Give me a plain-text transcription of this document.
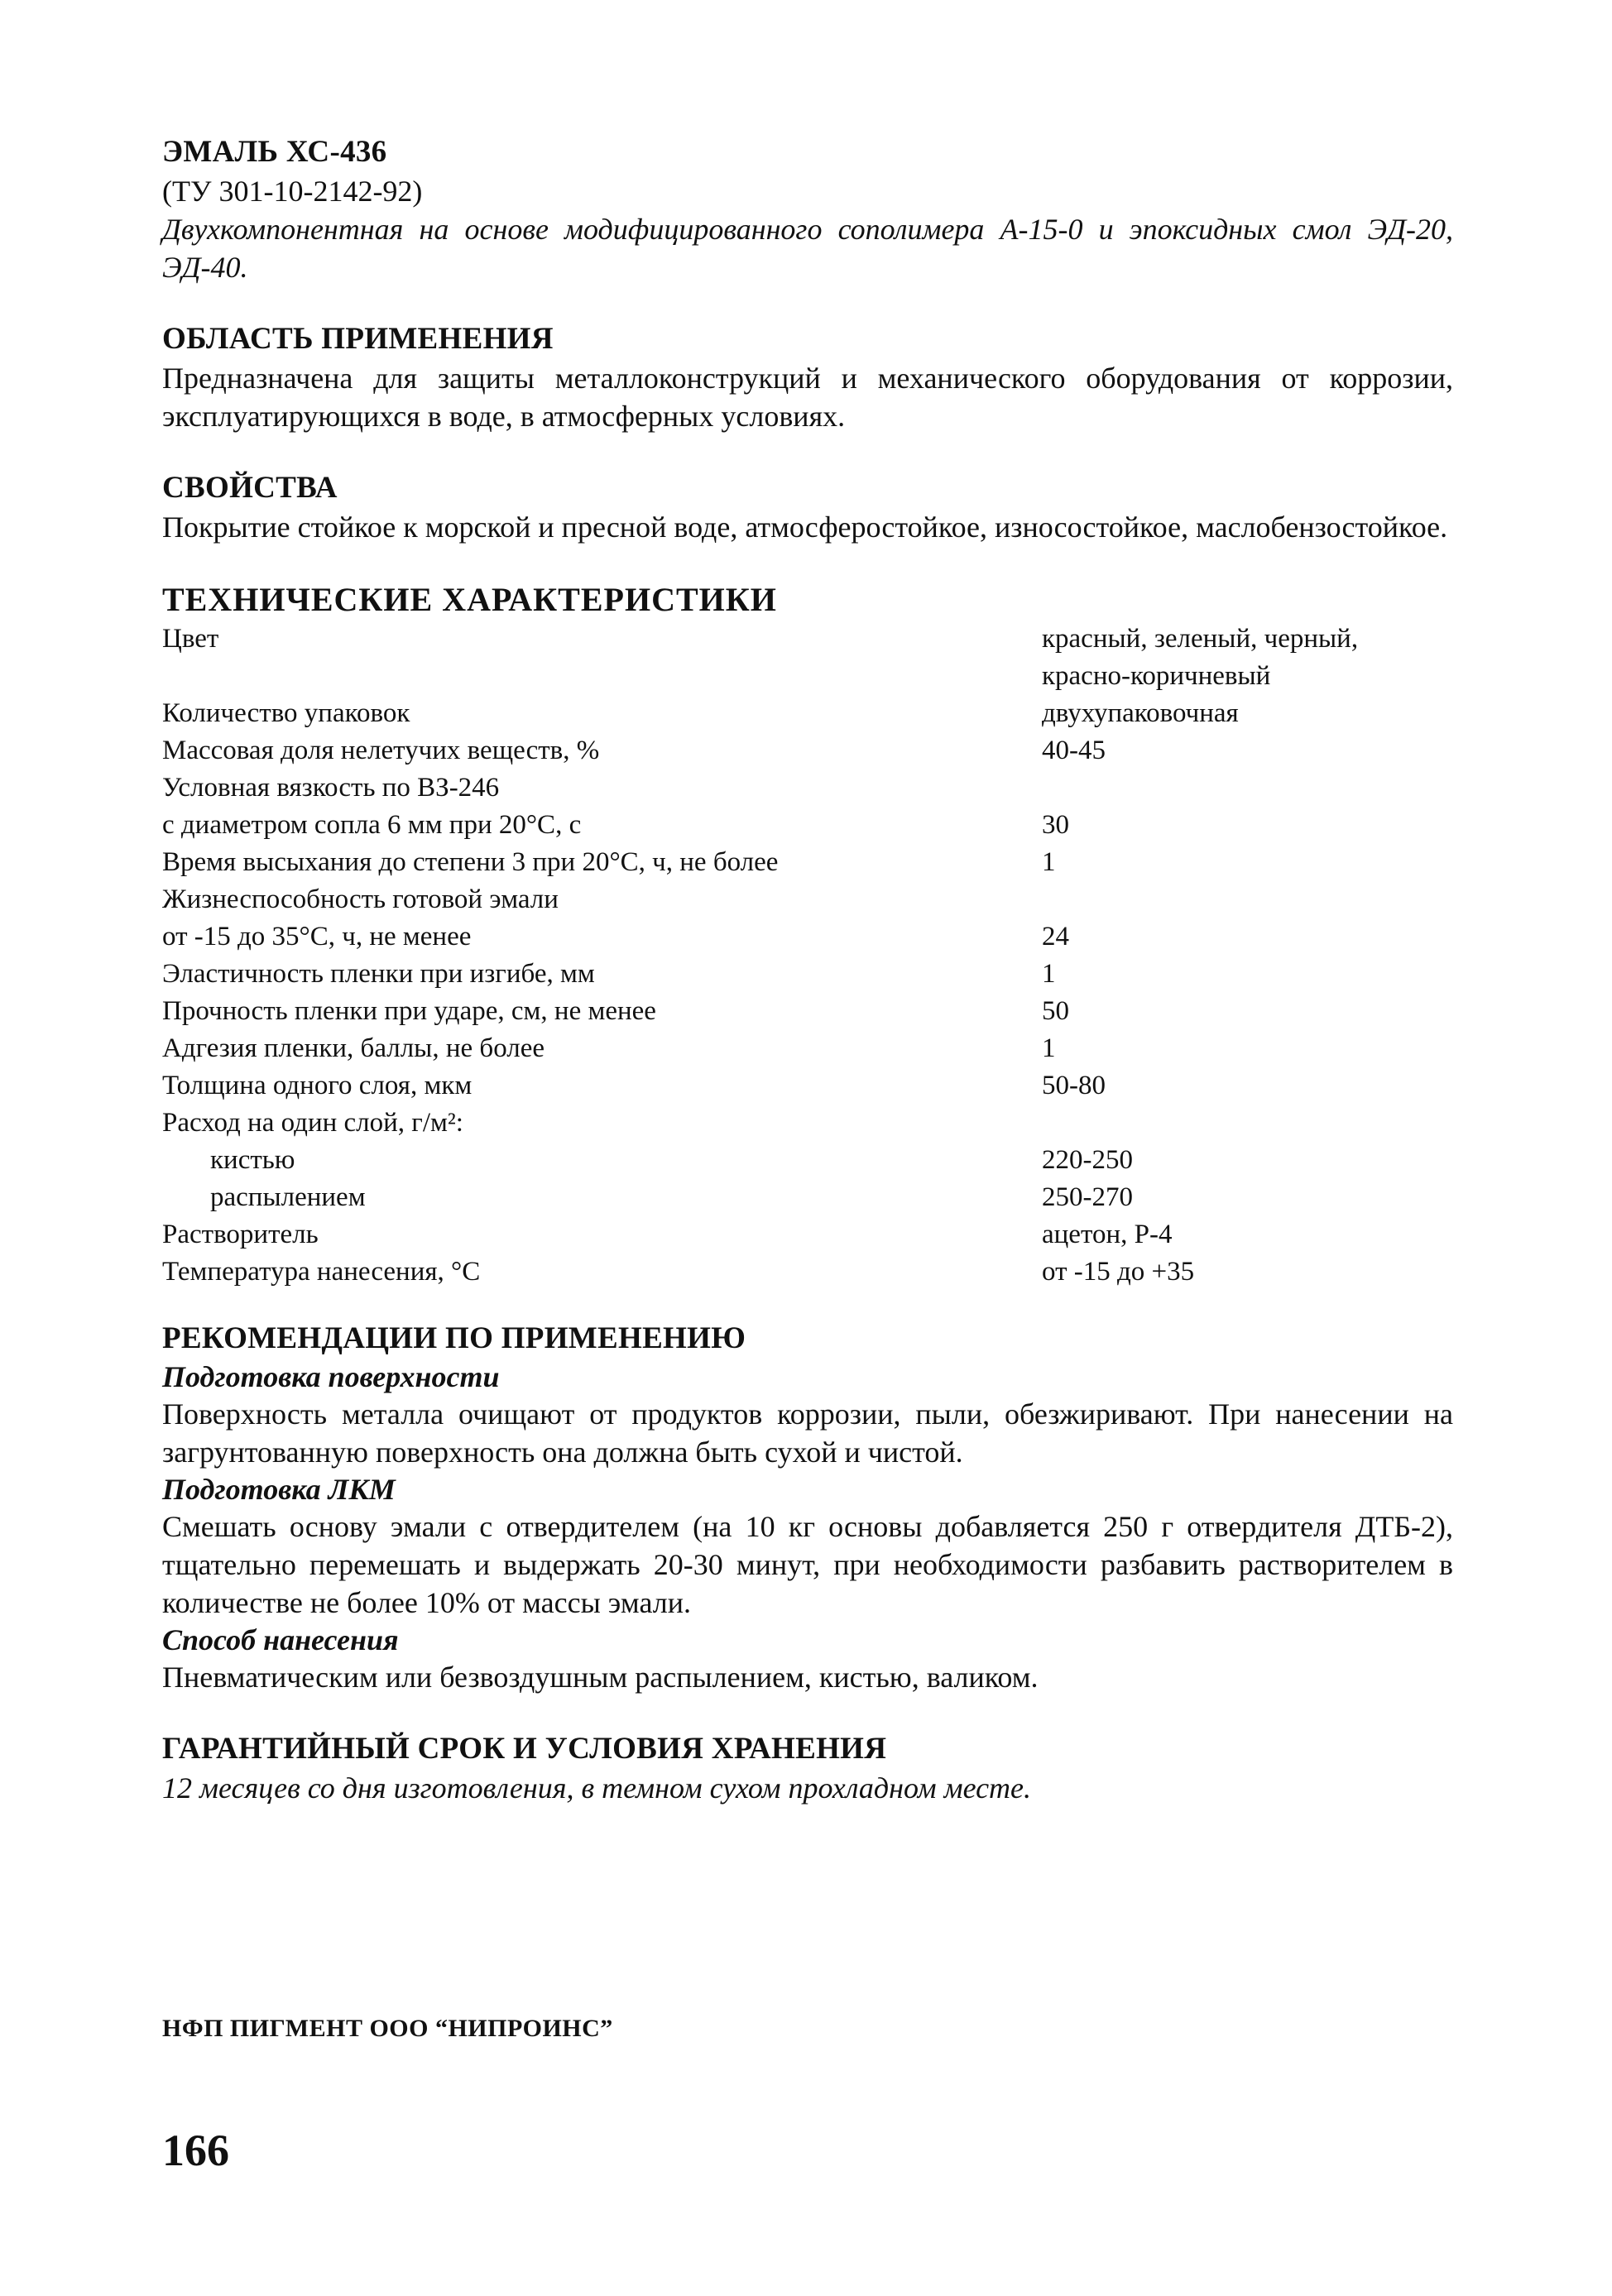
ЭМАЛЬ ХС-436

(ТУ 301-10-2142-92)

Двухкомпонентная на основе модифицированного сополимера А-15-0 и эпоксидных смол ЭД-20, ЭД-40.

ОБЛАСТЬ ПРИМЕНЕНИЯ

Предназначена для защиты металлоконструкций и механического оборудования от коррозии, эксплуатирующихся в воде, в атмосферных условиях.

СВОЙСТВА

Покрытие стойкое к морской и пресной воде, атмосферостойкое, износостойкое, маслобензостойкое.

ТЕХНИЧЕСКИЕ ХАРАКТЕРИСТИКИ
Цвет	красный, зеленый, черный,
	красно-коричневый
Количество упаковок	двухупаковочная
Массовая доля нелетучих веществ, %	40-45
Условная вязкость по ВЗ-246	
с диаметром сопла 6 мм при 20°С, с	30
Время высыхания до степени 3 при 20°С, ч, не более	1
Жизнеспособность готовой эмали	
от -15 до 35°С, ч, не менее	24
Эластичность пленки при изгибе, мм	1
Прочность пленки при ударе, см, не менее	50
Адгезия пленки, баллы, не более	1
Толщина одного слоя, мкм	50-80
Расход на один слой, г/м²:	
кистью	220-250
распылением	250-270
Растворитель	ацетон, Р-4
Температура нанесения, °С	от -15 до +35
РЕКОМЕНДАЦИИ ПО ПРИМЕНЕНИЮ
Подготовка поверхности

Поверхность металла очищают от продуктов коррозии, пыли, обезжиривают. При нанесении на загрунтованную поверхность она должна быть сухой и чистой.

Подготовка ЛКМ

Смешать основу эмали с отвердителем (на 10 кг основы добавляется 250 г отвердителя ДТБ-2), тщательно перемешать и выдержать 20-30 минут, при необходимости разбавить растворителем в количестве не более 10% от массы эмали.

Способ нанесения

Пневматическим или безвоздушным распылением, кистью, валиком.

ГАРАНТИЙНЫЙ СРОК И УСЛОВИЯ ХРАНЕНИЯ

12 месяцев со дня изготовления, в темном сухом прохладном месте.

НФП ПИГМЕНТ ООО “НИПРОИНС”
166
